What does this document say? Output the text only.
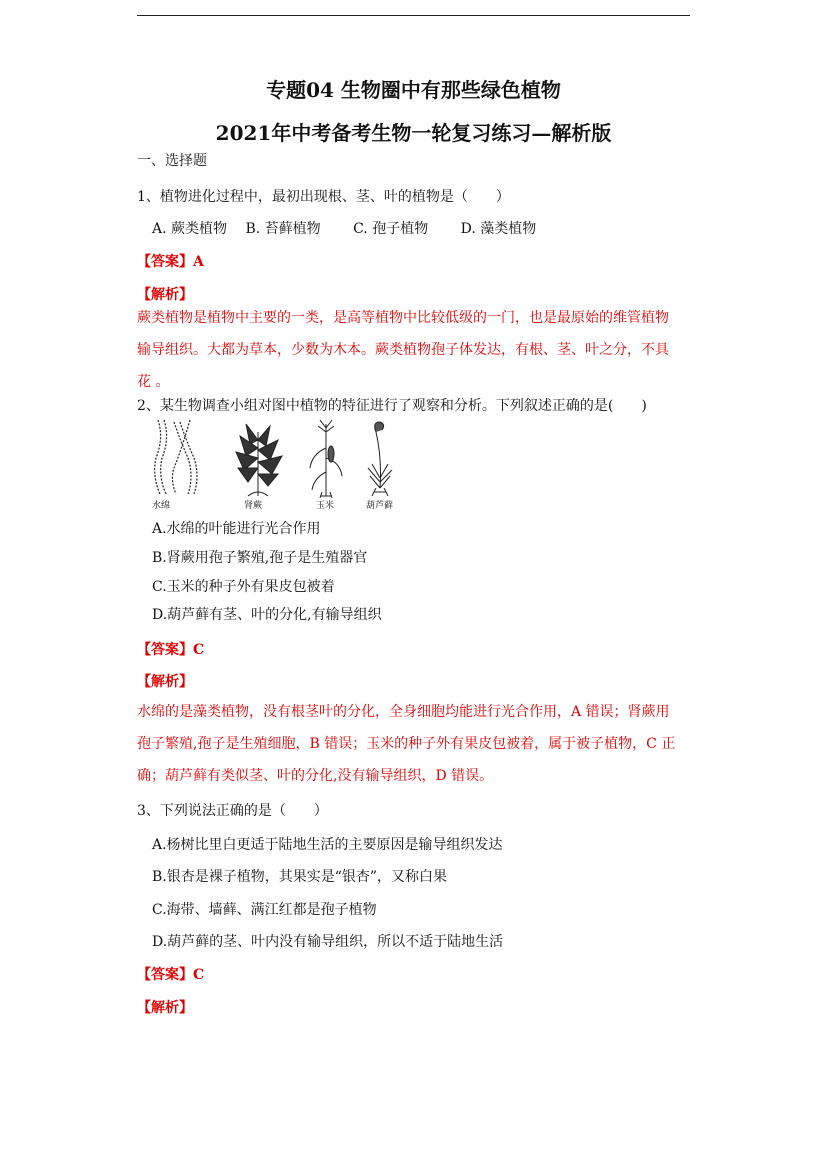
专题04 生物圈中有那些绿色植物
2021年中考备考生物一轮复习练习—解析版
一、选择题
1、植物进化过程中，最初出现根、茎、叶的植物是（　　）
A. 蕨类植物　 B. 苔藓植物　　 C. 孢子植物　　 D. 藻类植物
【答案】A
【解析】
蕨类植物是植物中主要的一类，是高等植物中比较低级的一门，也是最原始的维管植物
输导组织。大都为草本，少数为木本。蕨类植物孢子体发达，有根、茎、叶之分，不具
花 。
2、某生物调查小组对图中植物的特征进行了观察和分析。下列叙述正确的是(　　)
水绵	肾蕨	玉米	葫芦藓
A.水绵的叶能进行光合作用
B.肾蕨用孢子繁殖,孢子是生殖器官
C.玉米的种子外有果皮包被着
D.葫芦藓有茎、叶的分化,有输导组织
【答案】C
【解析】
水绵的是藻类植物，没有根茎叶的分化，全身细胞均能进行光合作用，A 错误；肾蕨用
孢子繁殖,孢子是生殖细胞，B 错误；玉米的种子外有果皮包被着，属于被子植物，C 正
确；葫芦藓有类似茎、叶的分化,没有输导组织，D 错误。
3、下列说法正确的是（　　）
A.杨树比里白更适于陆地生活的主要原因是输导组织发达
B.银杏是裸子植物，其果实是“银杏”，又称白果
C.海带、墙藓、满江红都是孢子植物
D.葫芦藓的茎、叶内没有输导组织，所以不适于陆地生活
【答案】C
【解析】
